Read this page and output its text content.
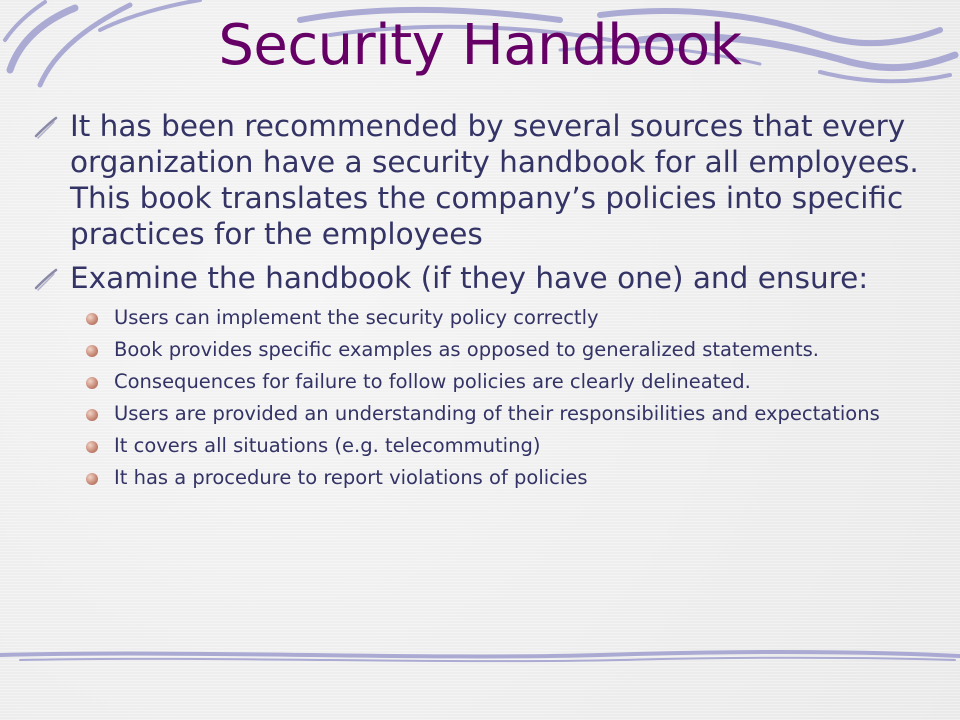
Security Handbook
It has been recommended by several sources that every organization have a security handbook for all employees. This book translates the company’s policies into specific practices for the employees
Examine the handbook (if they have one) and ensure:
Users can implement the security policy correctly
Book provides specific examples as opposed to generalized statements.
Consequences for failure to follow policies are clearly delineated.
Users are provided an understanding of their responsibilities and expectations
It covers all situations (e.g. telecommuting)
It has a procedure to report violations of policies
